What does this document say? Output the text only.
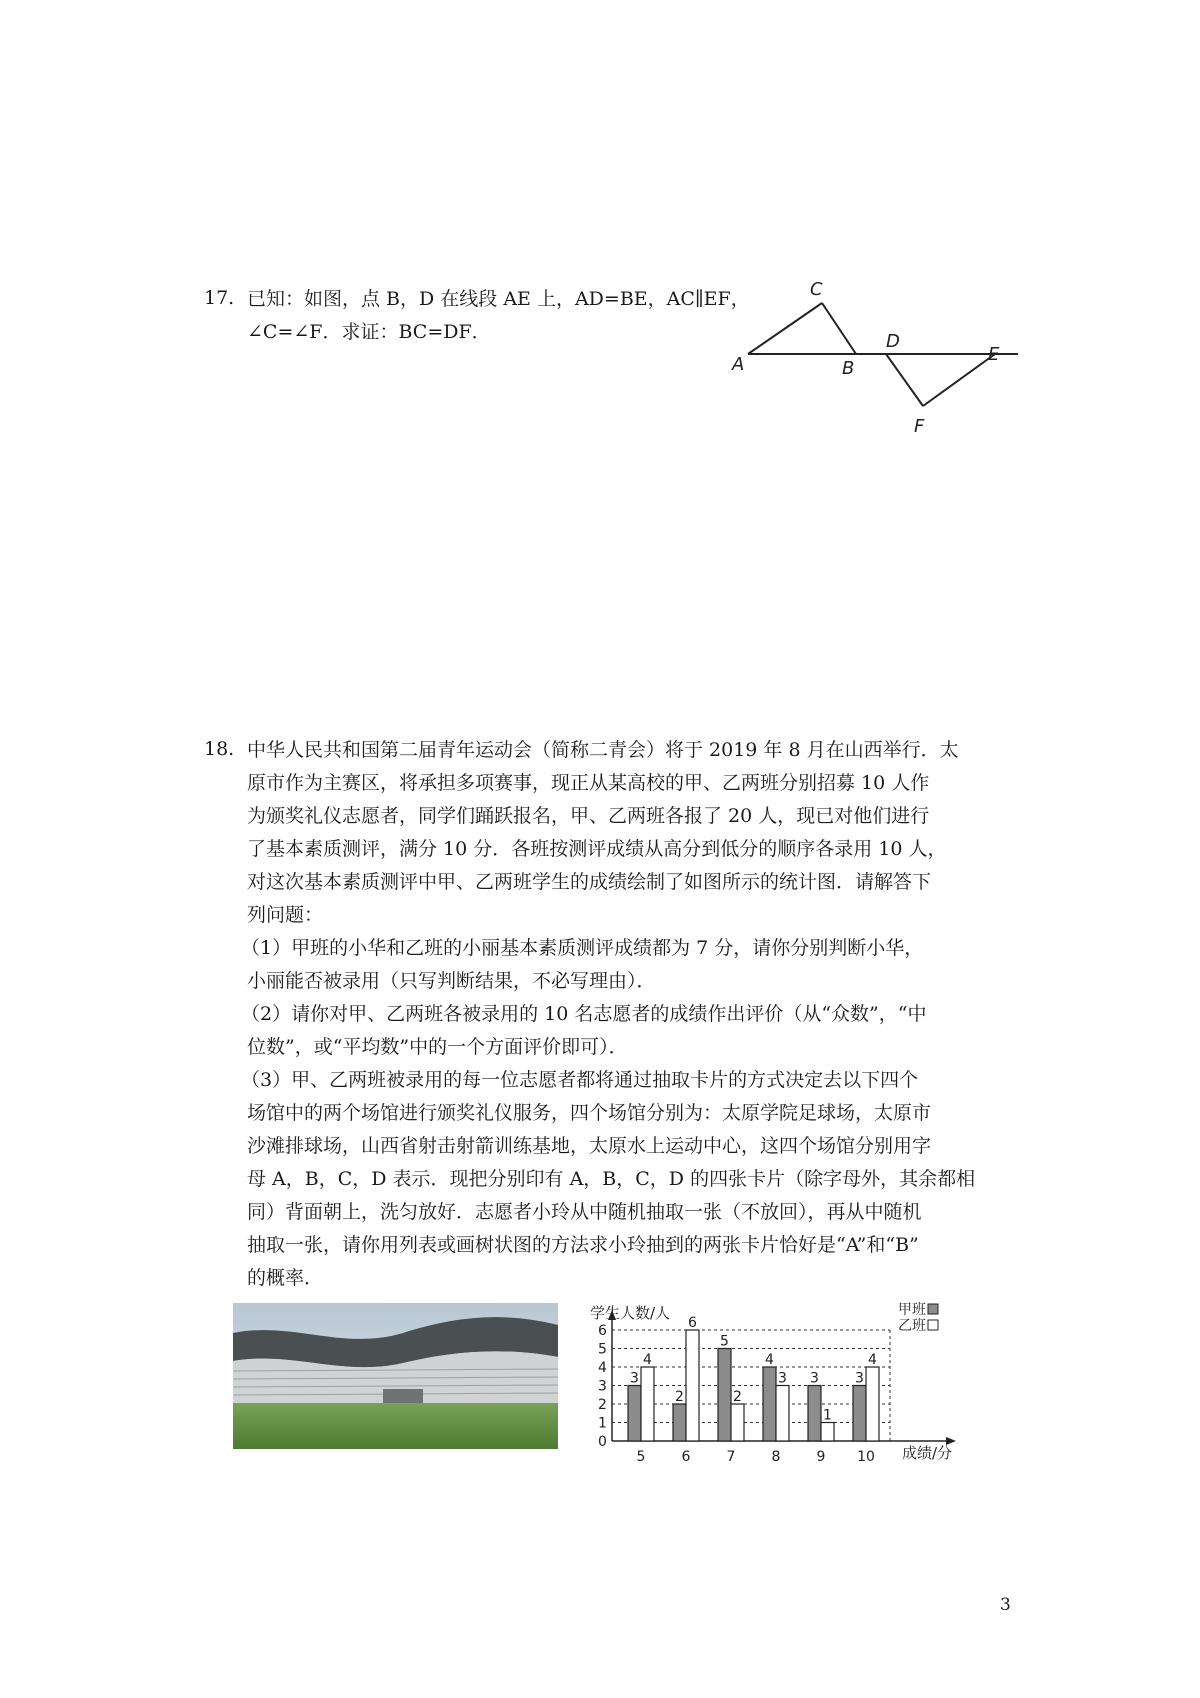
17. 已知：如图，点 B，D 在线段 AE 上，AD=BE，AC∥EF，
∠C=∠F．求证：BC=DF．
C
A	B
D
E
F
18. 中华人民共和国第二届青年运动会（简称二青会）将于 2019 年 8 月在山西举行．太
原市作为主赛区，将承担多项赛事，现正从某高校的甲、乙两班分别招募 10 人作
为颁奖礼仪志愿者，同学们踊跃报名，甲、乙两班各报了 20 人，现已对他们进行
了基本素质测评，满分 10 分．各班按测评成绩从高分到低分的顺序各录用 10 人，
对这次基本素质测评中甲、乙两班学生的成绩绘制了如图所示的统计图．请解答下
列问题：
（1）甲班的小华和乙班的小丽基本素质测评成绩都为 7 分，请你分别判断小华，
小丽能否被录用（只写判断结果，不必写理由）．
（2）请你对甲、乙两班各被录用的 10 名志愿者的成绩作出评价（从“众数”，“中
位数”，或“平均数”中的一个方面评价即可）．
（3）甲、乙两班被录用的每一位志愿者都将通过抽取卡片的方式决定去以下四个
场馆中的两个场馆进行颁奖礼仪服务，四个场馆分别为：太原学院足球场，太原市
沙滩排球场，山西省射击射箭训练基地，太原水上运动中心，这四个场馆分别用字
母 A，B，C，D 表示．现把分别印有 A，B，C，D 的四张卡片（除字母外，其余都相
同）背面朝上，洗匀放好．志愿者小玲从中随机抽取一张（不放回），再从中随机
抽取一张，请你用列表或画树状图的方法求小玲抽到的两张卡片恰好是“A”和“B”
的概率．
学生人数/人
成绩/分
0
1
2
3
4
5
6
3
4
2
6
5
2
4
3 3
1
3
4
5	6	7	8	9 10
甲班
乙班
3
